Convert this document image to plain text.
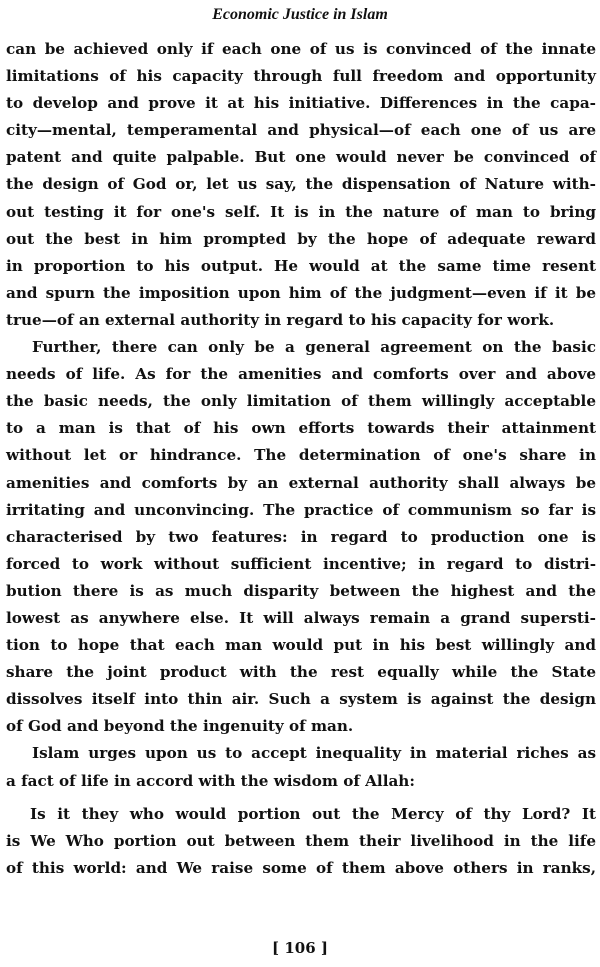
Economic Justice in Islam
can be achieved only if each one of us is convinced of the innate
limitations of his capacity through full freedom and opportunity
to develop and prove it at his initiative. Differences in the capa-
city—mental, temperamental and physical—of each one of us are
patent and quite palpable. But one would never be convinced of
the design of God or, let us say, the dispensation of Nature with-
out testing it for one's self. It is in the nature of man to bring
out the best in him prompted by the hope of adequate reward
in proportion to his output. He would at the same time resent
and spurn the imposition upon him of the judgment—even if it be
true—of an external authority in regard to his capacity for work.
Further, there can only be a general agreement on the basic
needs of life. As for the amenities and comforts over and above
the basic needs, the only limitation of them willingly acceptable
to a man is that of his own efforts towards their attainment
without let or hindrance. The determination of one's share in
amenities and comforts by an external authority shall always be
irritating and unconvincing. The practice of communism so far is
characterised by two features: in regard to production one is
forced to work without sufficient incentive; in regard to distri-
bution there is as much disparity between the highest and the
lowest as anywhere else. It will always remain a grand supersti-
tion to hope that each man would put in his best willingly and
share the joint product with the rest equally while the State
dissolves itself into thin air. Such a system is against the design
of God and beyond the ingenuity of man.
Islam urges upon us to accept inequality in material riches as
a fact of life in accord with the wisdom of Allah:
Is it they who would portion out the Mercy of thy Lord? It
is We Who portion out between them their livelihood in the life
of this world: and We raise some of them above others in ranks,
[ 106 ]
